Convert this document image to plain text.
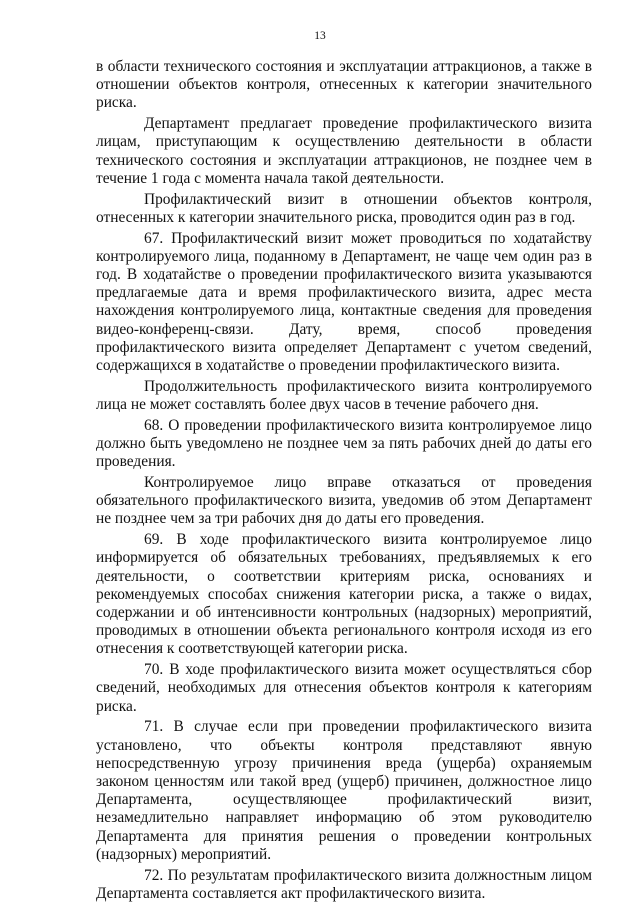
13

в области технического состояния и эксплуатации аттракционов, а также в отношении объектов контроля, отнесенных к категории значительного риска.

Департамент предлагает проведение профилактического визита лицам, приступающим к осуществлению деятельности в области технического состояния и эксплуатации аттракционов, не позднее чем в течение 1 года с момента начала такой деятельности.

Профилактический визит в отношении объектов контроля, отнесенных к категории значительного риска, проводится один раз в год.

67. Профилактический визит может проводиться по ходатайству контролируемого лица, поданному в Департамент, не чаще чем один раз в год. В ходатайстве о проведении профилактического визита указываются предлагаемые дата и время профилактического визита, адрес места нахождения контролируемого лица, контактные сведения для проведения видео-конференц-связи. Дату, время, способ проведения профилактического визита определяет Департамент с учетом сведений, содержащихся в ходатайстве о проведении профилактического визита.

Продолжительность профилактического визита контролируемого лица не может составлять более двух часов в течение рабочего дня.

68. О проведении профилактического визита контролируемое лицо должно быть уведомлено не позднее чем за пять рабочих дней до даты его проведения.

Контролируемое лицо вправе отказаться от проведения обязательного профилактического визита, уведомив об этом Департамент не позднее чем за три рабочих дня до даты его проведения.

69. В ходе профилактического визита контролируемое лицо информируется об обязательных требованиях, предъявляемых к его деятельности, о соответствии критериям риска, основаниях и рекомендуемых способах снижения категории риска, а также о видах, содержании и об интенсивности контрольных (надзорных) мероприятий, проводимых в отношении объекта регионального контроля исходя из его отнесения к соответствующей категории риска.

70. В ходе профилактического визита может осуществляться сбор сведений, необходимых для отнесения объектов контроля к категориям риска.

71. В случае если при проведении профилактического визита установлено, что объекты контроля представляют явную непосредственную угрозу причинения вреда (ущерба) охраняемым законом ценностям или такой вред (ущерб) причинен, должностное лицо Департамента, осуществляющее профилактический визит, незамедлительно направляет информацию об этом руководителю Департамента для принятия решения о проведении контрольных (надзорных) мероприятий.

72. По результатам профилактического визита должностным лицом Департамента составляется акт профилактического визита.
